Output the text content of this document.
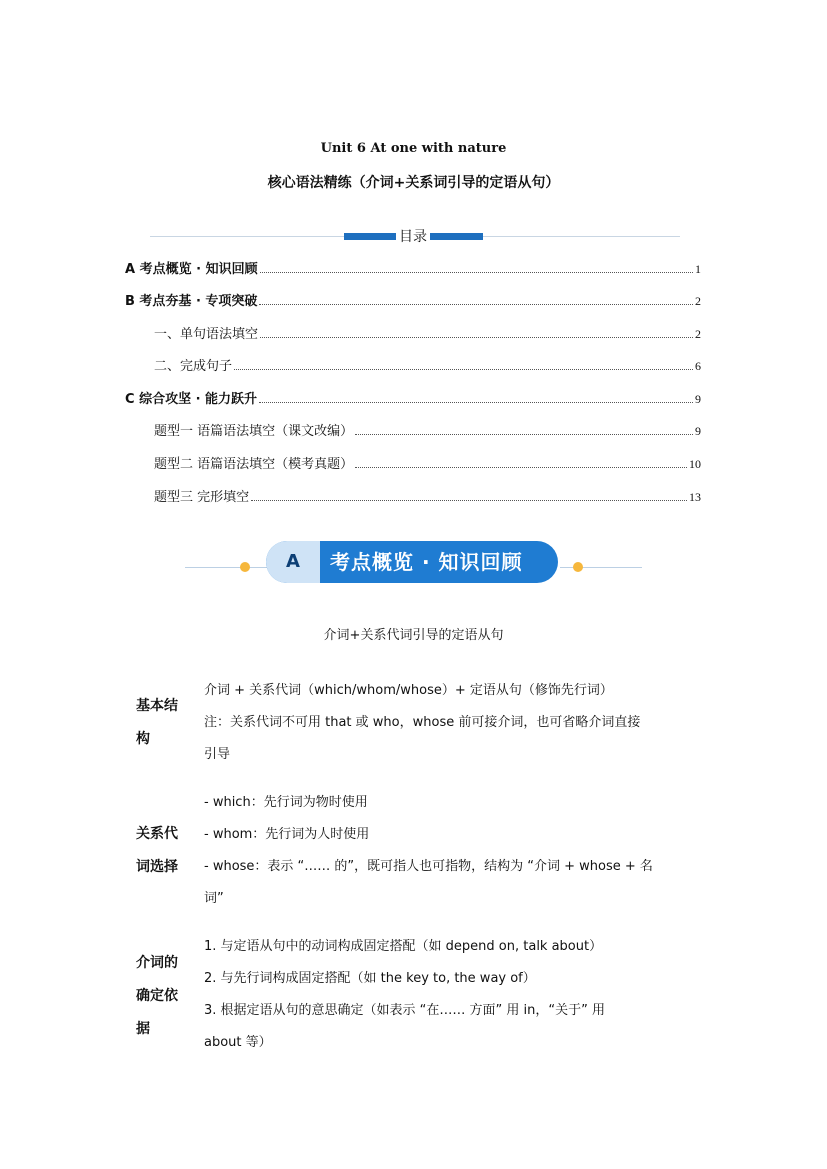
Unit 6 At one with nature
核心语法精练（介词+关系词引导的定语从句）
目录
A 考点概览 · 知识回顾	1
B 考点夯基 · 专项突破	2
一、单句语法填空	2
二、完成句子	6
C 综合攻坚 · 能力跃升	9
题型一 语篇语法填空（课文改编）	9
题型二 语篇语法填空（模考真题）	10
题型三 完形填空	13
A	考点概览 · 知识回顾
介词+关系代词引导的定语从句
基本结构
介词 + 关系代词（which/whom/whose）+ 定语从句（修饰先行词）
注：关系代词不可用 that 或 who，whose 前可接介词，也可省略介词直接
引导
关系代词选择
- which：先行词为物时使用
- whom：先行词为人时使用
- whose：表示 “…… 的”，既可指人也可指物，结构为 “介词 + whose + 名
词”
介词的确定依据
1. 与定语从句中的动词构成固定搭配（如 depend on, talk about）
2. 与先行词构成固定搭配（如 the key to, the way of）
3. 根据定语从句的意思确定（如表示 “在…… 方面” 用 in，“关于” 用
about 等）
